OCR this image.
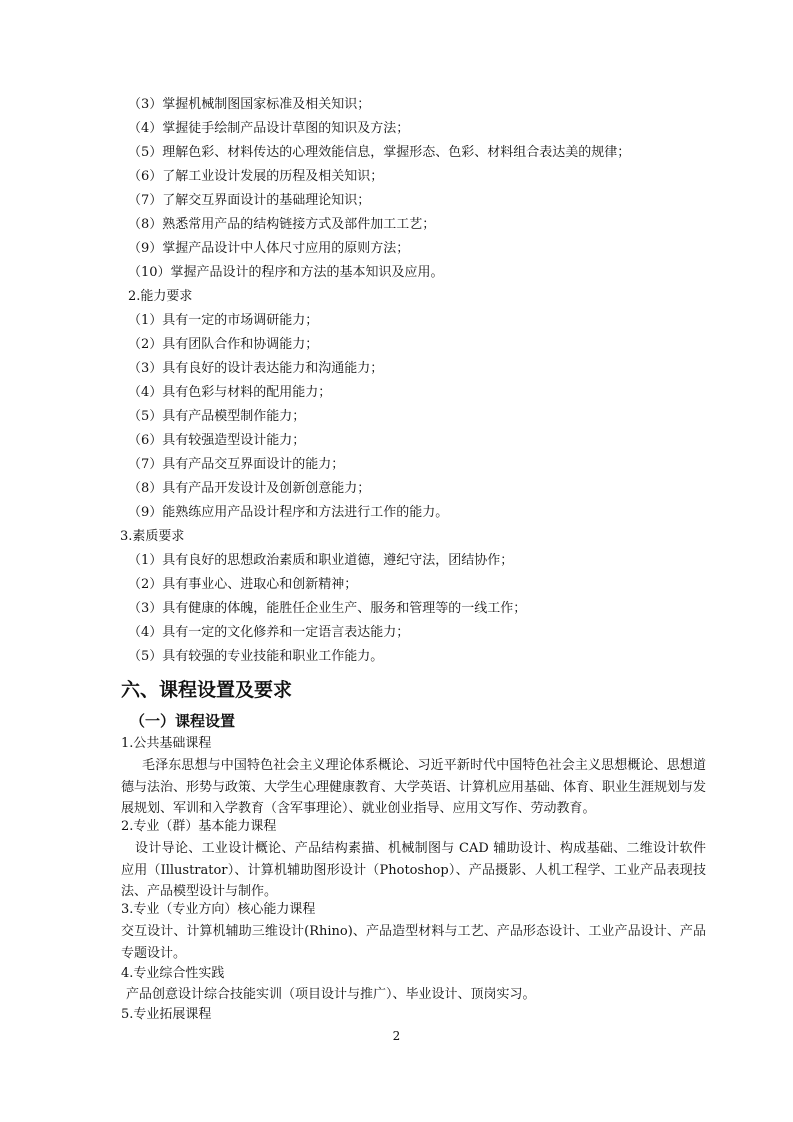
（3）掌握机械制图国家标准及相关知识；
（4）掌握徒手绘制产品设计草图的知识及方法；
（5）理解色彩、材料传达的心理效能信息，掌握形态、色彩、材料组合表达美的规律；
（6）了解工业设计发展的历程及相关知识；
（7）了解交互界面设计的基础理论知识；
（8）熟悉常用产品的结构链接方式及部件加工工艺；
（9）掌握产品设计中人体尺寸应用的原则方法；
（10）掌握产品设计的程序和方法的基本知识及应用。
2.能力要求
（1）具有一定的市场调研能力；
（2）具有团队合作和协调能力；
（3）具有良好的设计表达能力和沟通能力；
（4）具有色彩与材料的配用能力；
（5）具有产品模型制作能力；
（6）具有较强造型设计能力；
（7）具有产品交互界面设计的能力；
（8）具有产品开发设计及创新创意能力；
（9）能熟练应用产品设计程序和方法进行工作的能力。
3.素质要求
（1）具有良好的思想政治素质和职业道德，遵纪守法，团结协作；
（2）具有事业心、进取心和创新精神；
（3）具有健康的体魄，能胜任企业生产、服务和管理等的一线工作；
（4）具有一定的文化修养和一定语言表达能力；
（5）具有较强的专业技能和职业工作能力。
六、课程设置及要求
（一）课程设置
1.公共基础课程
毛泽东思想与中国特色社会主义理论体系概论、习近平新时代中国特色社会主义思想概论、思想道德与法治、形势与政策、大学生心理健康教育、大学英语、计算机应用基础、体育、职业生涯规划与发展规划、军训和入学教育（含军事理论）、就业创业指导、应用文写作、劳动教育。
2.专业（群）基本能力课程
设计导论、工业设计概论、产品结构素描、机械制图与 CAD 辅助设计、构成基础、二维设计软件应用（Illustrator）、计算机辅助图形设计（Photoshop）、产品摄影、人机工程学、工业产品表现技法、产品模型设计与制作。
3.专业（专业方向）核心能力课程
交互设计、计算机辅助三维设计(Rhino)、产品造型材料与工艺、产品形态设计、工业产品设计、产品专题设计。
4.专业综合性实践
产品创意设计综合技能实训（项目设计与推广）、毕业设计、顶岗实习。
5.专业拓展课程
2
